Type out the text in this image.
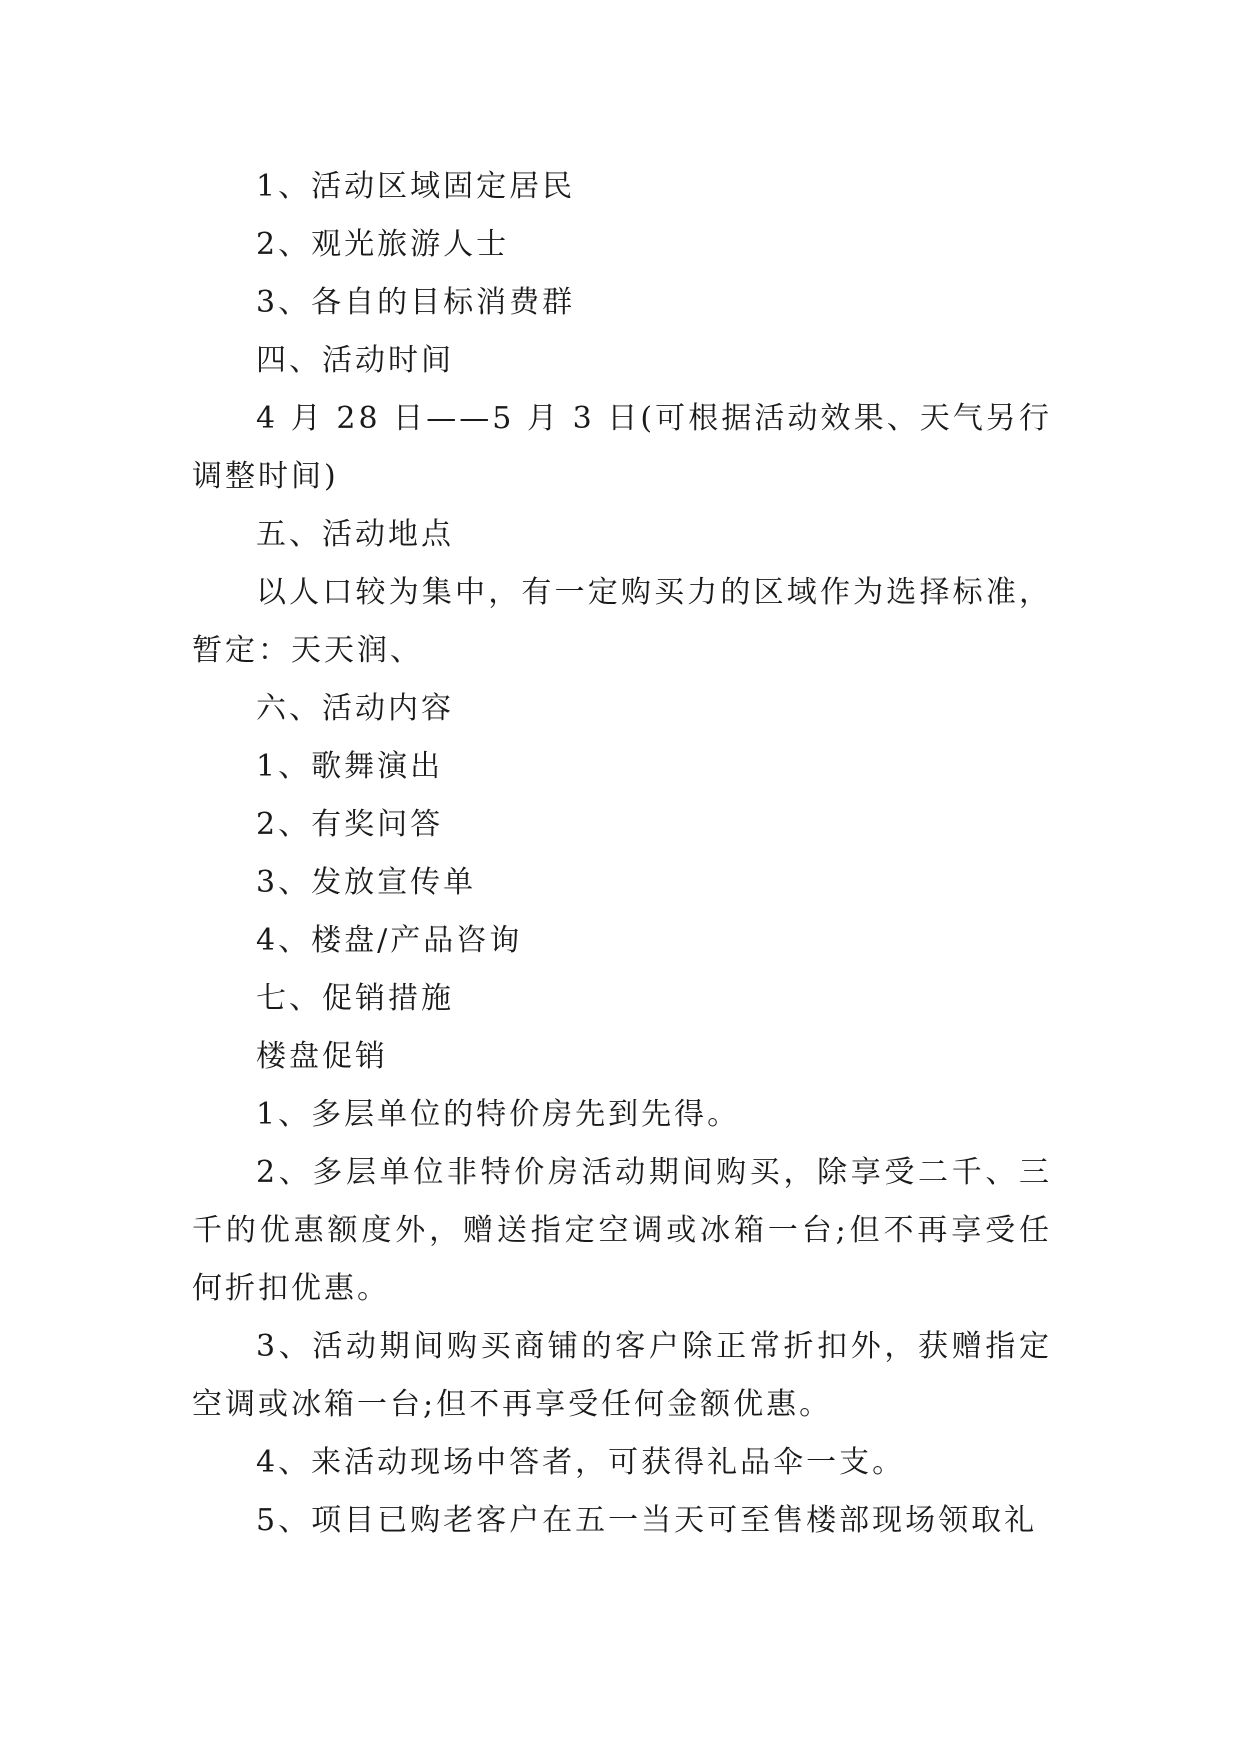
1、活动区域固定居民

2、观光旅游人士

3、各自的目标消费群

四、活动时间

4 月 28 日——5 月 3 日(可根据活动效果、天气另行调整时间)

五、活动地点

以人口较为集中，有一定购买力的区域作为选择标准，暂定：天天润、

六、活动内容

1、歌舞演出

2、有奖问答

3、发放宣传单

4、楼盘/产品咨询

七、促销措施

楼盘促销

1、多层单位的特价房先到先得。

2、多层单位非特价房活动期间购买，除享受二千、三千的优惠额度外，赠送指定空调或冰箱一台;但不再享受任何折扣优惠。

3、活动期间购买商铺的客户除正常折扣外，获赠指定空调或冰箱一台;但不再享受任何金额优惠。

4、来活动现场中答者，可获得礼品伞一支。

5、项目已购老客户在五一当天可至售楼部现场领取礼
